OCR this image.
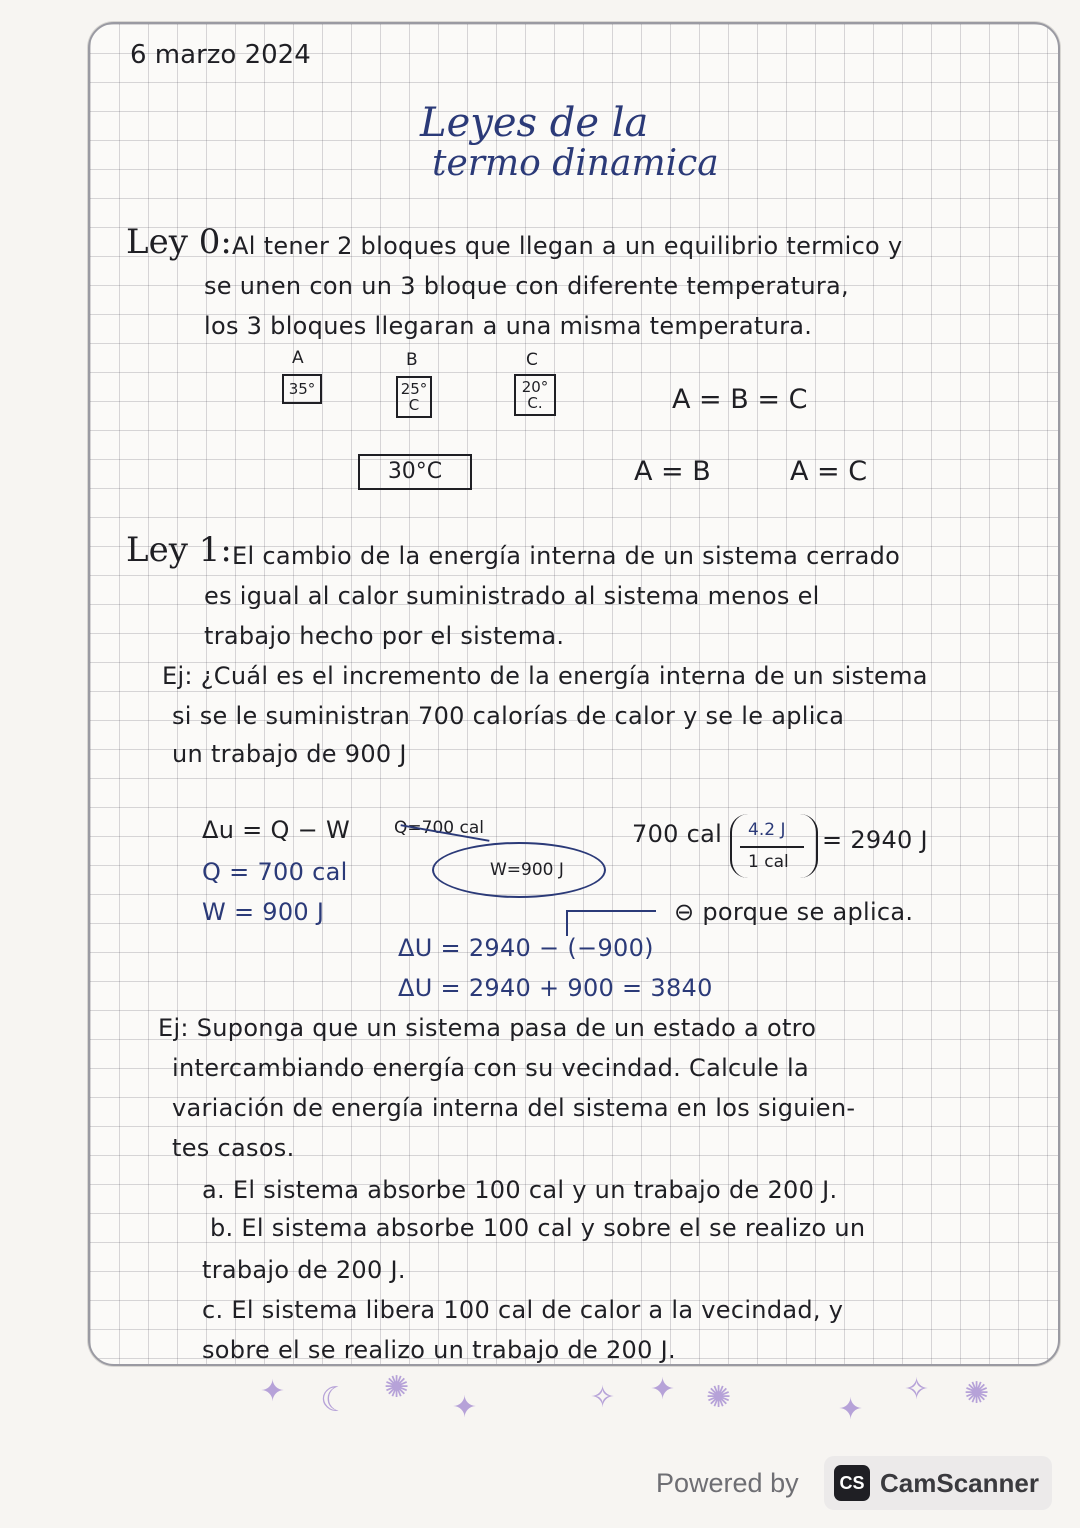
6 marzo 2024
Leyes de la
termo dinamica
Ley 0: Al tener 2 bloques que llegan a un equilibrio termico y
se unen con un 3 bloque con diferente temperatura,
los 3 bloques llegaran a una misma temperatura.
A
35°
B
25° C
C
20° C.	A = B = C
30°C	A = B	A = C
Ley 1: El cambio de la energía interna de un sistema cerrado
es igual al calor suministrado al sistema menos el
trabajo hecho por el sistema.
Ej: ¿Cuál es el incremento de la energía interna de un sistema
si se le suministran 700 calorías de calor y se le aplica
un trabajo de 900 J
Δu = Q − W
Q = 700 cal
W = 900 J
Q=700 cal
W=900 J
700 cal 4.2 J
1 cal
= 2940 J
⊖ porque se aplica.
ΔU = 2940 − (−900)
ΔU = 2940 + 900 = 3840
Ej: Suponga que un sistema pasa de un estado a otro
intercambiando energía con su vecindad. Calcule la
variación de energía interna del sistema en los siguien-
tes casos.
a. El sistema absorbe 100 cal y un trabajo de 200 J.
b. El sistema absorbe 100 cal y sobre el se realizo un
trabajo de 200 J.
c. El sistema libera 100 cal de calor a la vecindad, y
sobre el se realizo un trabajo de 200 J.
✦ ☾ ✺
✦	✧ ✦ ✺	✦
✧ ✺
Powered by	CS CamScanner
